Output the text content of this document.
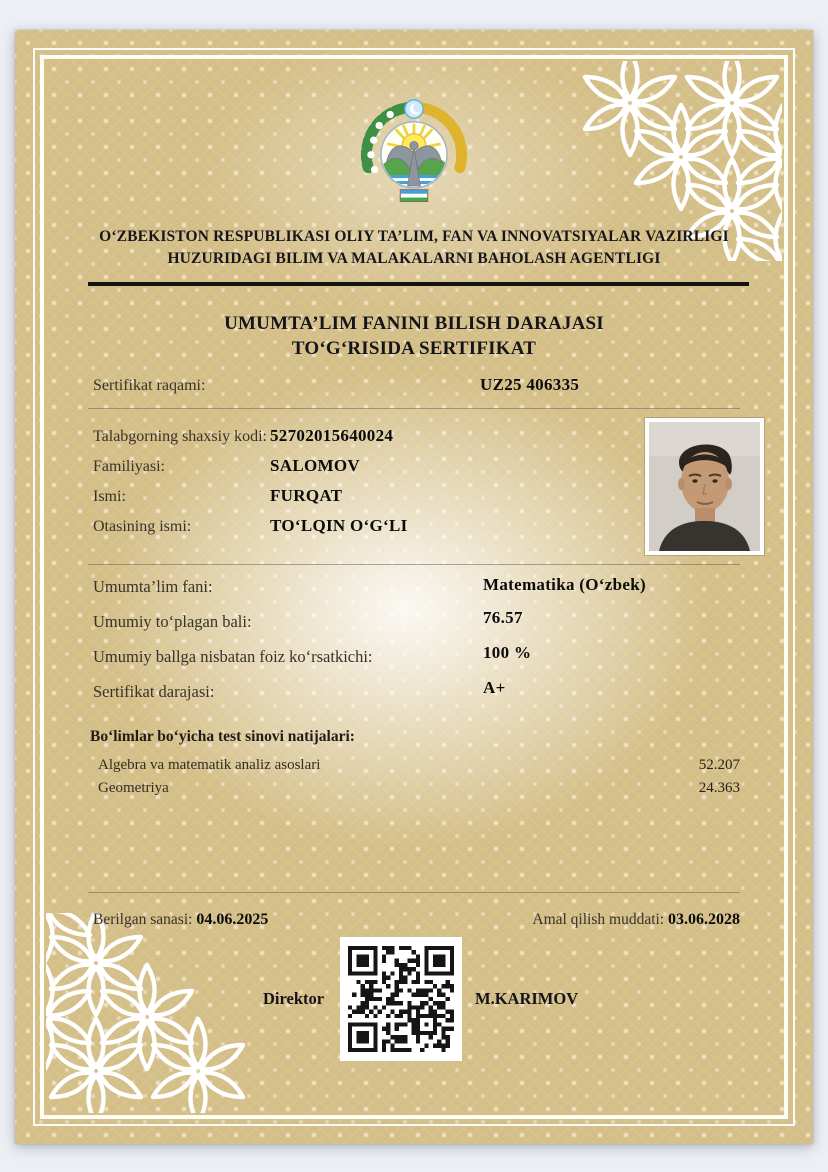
O‘ZBEKISTON RESPUBLIKASI OLIY TA’LIM, FAN VA INNOVATSIYALAR VAZIRLIGI
HUZURIDAGI BILIM VA MALAKALARNI BAHOLASH AGENTLIGI
UMUMTA’LIM FANINI BILISH DARAJASI
TO‘G‘RISIDA SERTIFIKAT
Sertifikat raqami:	UZ25 406335
Talabgorning shaxsiy kodi: 52702015640024
Familiyasi:	SALOMOV
Ismi:	FURQAT
Otasining ismi:	TO‘LQIN O‘G‘LI
Umumta’lim fani:	Matematika (O‘zbek)
Umumiy to‘plagan bali:	76.57
Umumiy ballga nisbatan foiz ko‘rsatkichi:	100 %
Sertifikat darajasi:	A+
Bo‘limlar bo‘yicha test sinovi natijalari:
Algebra va matematik analiz asoslari	52.207
Geometriya	24.363
Berilgan sanasi: 04.06.2025	Amal qilish muddati: 03.06.2028
Direktor	M.KARIMOV
